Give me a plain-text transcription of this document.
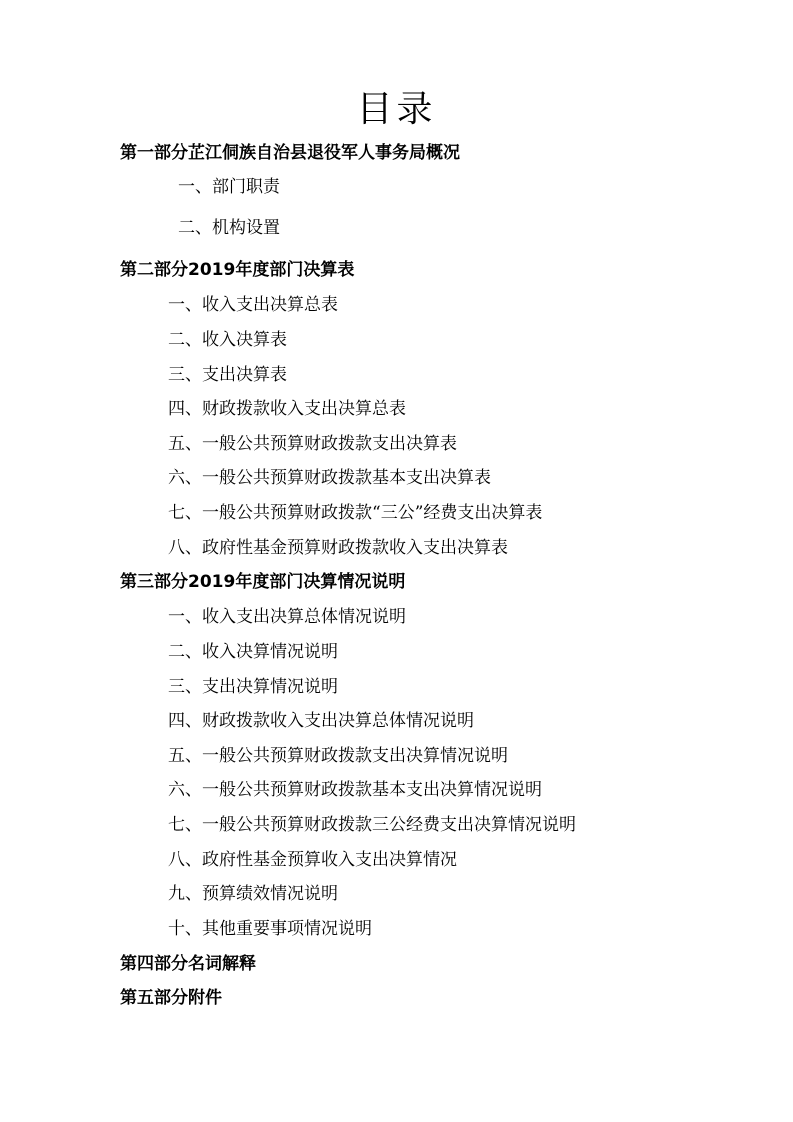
目录
第一部分芷江侗族自治县退役军人事务局概况
一、部门职责
二、机构设置
第二部分2019年度部门决算表
一、收入支出决算总表
二、收入决算表
三、支出决算表
四、财政拨款收入支出决算总表
五、一般公共预算财政拨款支出决算表
六、一般公共预算财政拨款基本支出决算表
七、一般公共预算财政拨款“三公”经费支出决算表
八、政府性基金预算财政拨款收入支出决算表
第三部分2019年度部门决算情况说明
一、收入支出决算总体情况说明
二、收入决算情况说明
三、支出决算情况说明
四、财政拨款收入支出决算总体情况说明
五、一般公共预算财政拨款支出决算情况说明
六、一般公共预算财政拨款基本支出决算情况说明
七、一般公共预算财政拨款三公经费支出决算情况说明
八、政府性基金预算收入支出决算情况
九、预算绩效情况说明
十、其他重要事项情况说明
第四部分名词解释
第五部分附件
